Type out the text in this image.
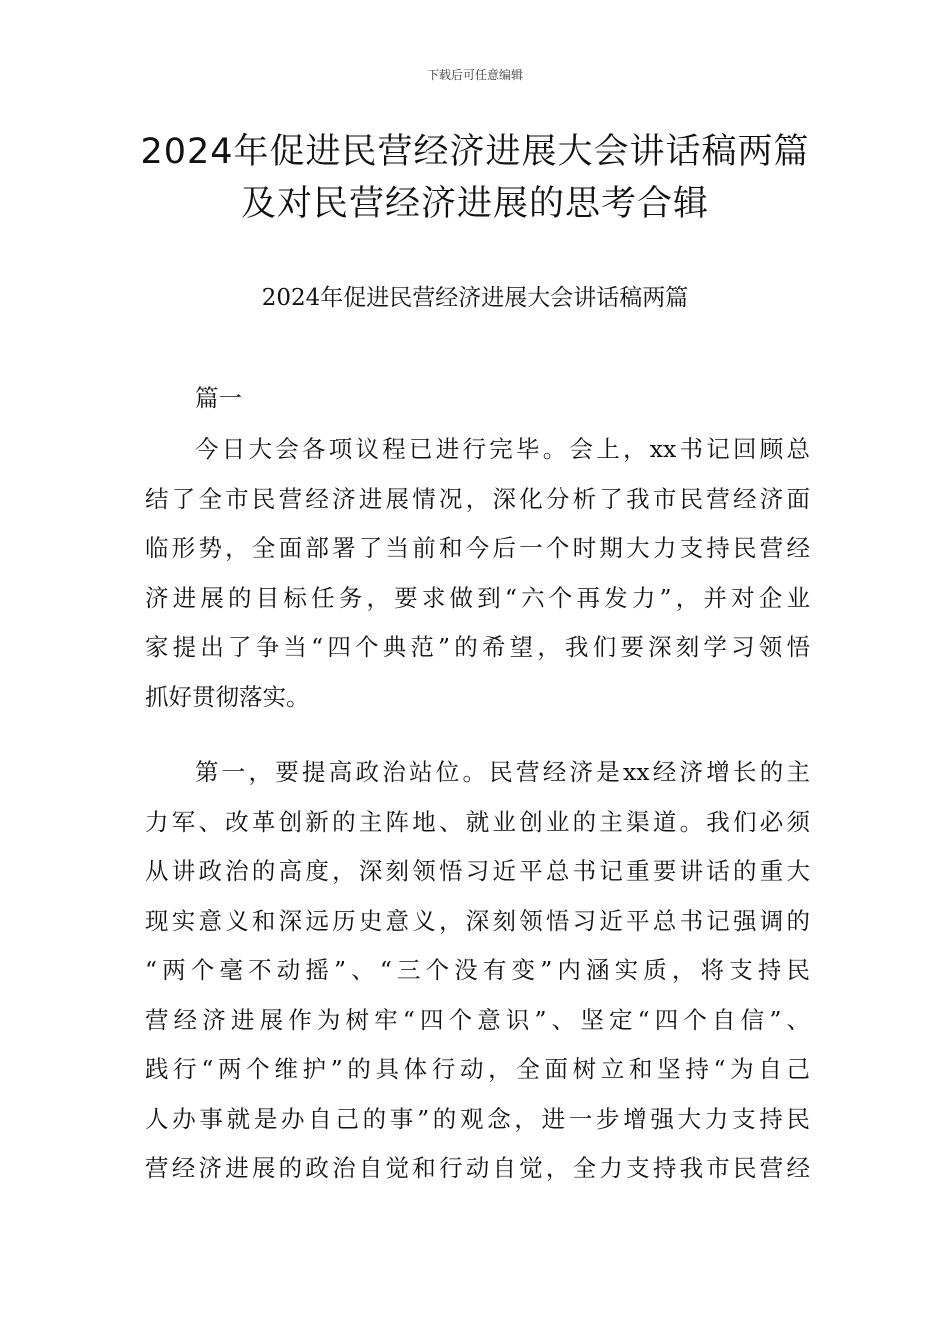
下载后可任意编辑
2024年促进民营经济进展大会讲话稿两篇
及对民营经济进展的思考合辑
2024年促进民营经济进展大会讲话稿两篇
篇一
今日大会各项议程已进行完毕。会上，xx书记回顾总
结了全市民营经济进展情况，深化分析了我市民营经济面
临形势，全面部署了当前和今后一个时期大力支持民营经
济进展的目标任务，要求做到“六个再发力”，并对企业
家提出了争当“四个典范”的希望，我们要深刻学习领悟
抓好贯彻落实。
第一，要提高政治站位。民营经济是xx经济增长的主
力军、改革创新的主阵地、就业创业的主渠道。我们必须
从讲政治的高度，深刻领悟习近平总书记重要讲话的重大
现实意义和深远历史意义，深刻领悟习近平总书记强调的
“两个毫不动摇”、“三个没有变”内涵实质，将支持民
营经济进展作为树牢“四个意识”、坚定“四个自信”、
践行“两个维护”的具体行动，全面树立和坚持“为自己
人办事就是办自己的事”的观念，进一步增强大力支持民
营经济进展的政治自觉和行动自觉，全力支持我市民营经
